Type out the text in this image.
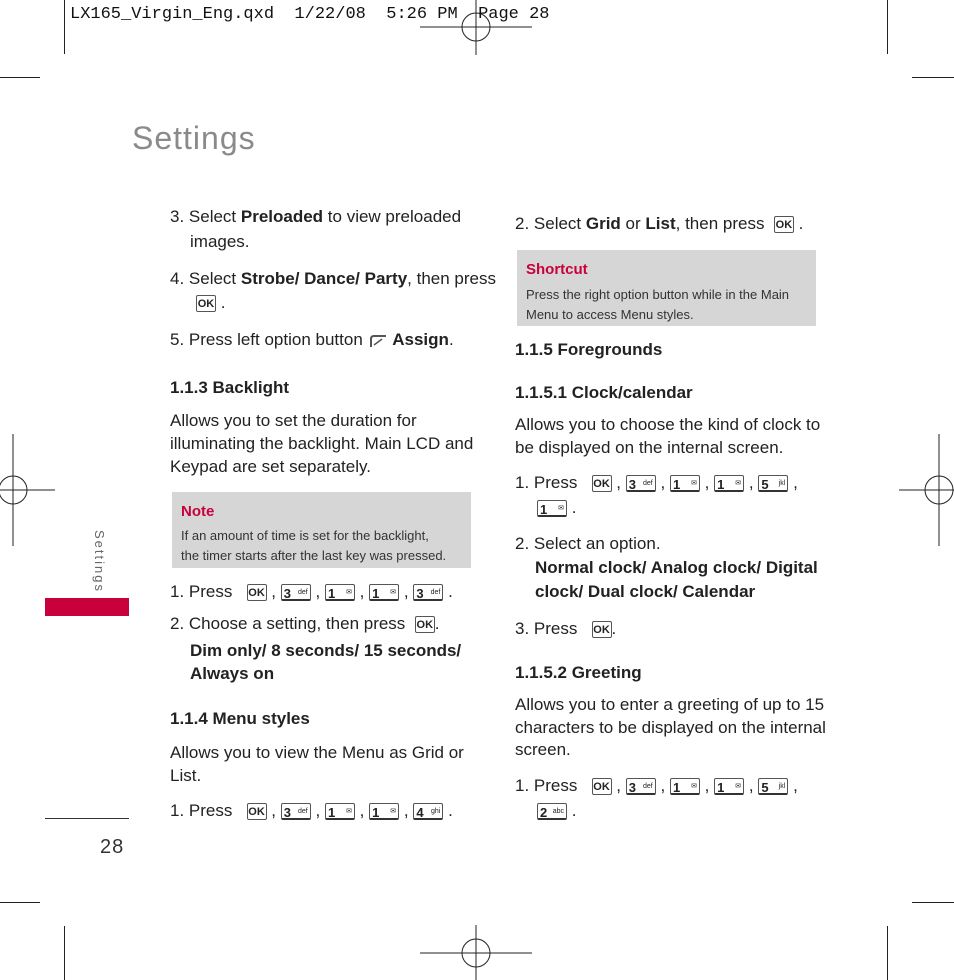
LX165_Virgin_Eng.qxd  1/22/08  5:26 PM  Page 28
Settings
Settings
28
3. Select Preloaded to view preloaded
images.
4. Select Strobe/ Dance/ Party, then press
OK .
5. Press left option button  Assign.
1.1.3 Backlight
Allows you to set the duration for
illuminating the backlight. Main LCD and
Keypad are set separately.
Note
If an amount of time is set for the backlight,
the timer starts after the last key was pressed.
1. Press OK , 3 def , 1 ✉ , 1 ✉ , 3 def .
2. Choose a setting, then press OK .
Dim only/ 8 seconds/ 15 seconds/
Always on
1.1.4 Menu styles
Allows you to view the Menu as Grid or
List.
1. Press OK , 3 def , 1 ✉ , 1 ✉ , 4 ghi .
2. Select Grid or List, then press OK .
Shortcut
Press the right option button while in the Main
Menu to access Menu styles.
1.1.5 Foregrounds
1.1.5.1 Clock/calendar
Allows you to choose the kind of clock to
be displayed on the internal screen.
1. Press OK , 3 def , 1 ✉ , 1 ✉ , 5 jkl ,
1 ✉ .
2. Select an option.
Normal clock/ Analog clock/ Digital
clock/ Dual clock/ Calendar
3. Press OK .
1.1.5.2 Greeting
Allows you to enter a greeting of up to 15
characters to be displayed on the internal
screen.
1. Press OK , 3 def , 1 ✉ , 1 ✉ , 5 jkl ,
2 abc .
